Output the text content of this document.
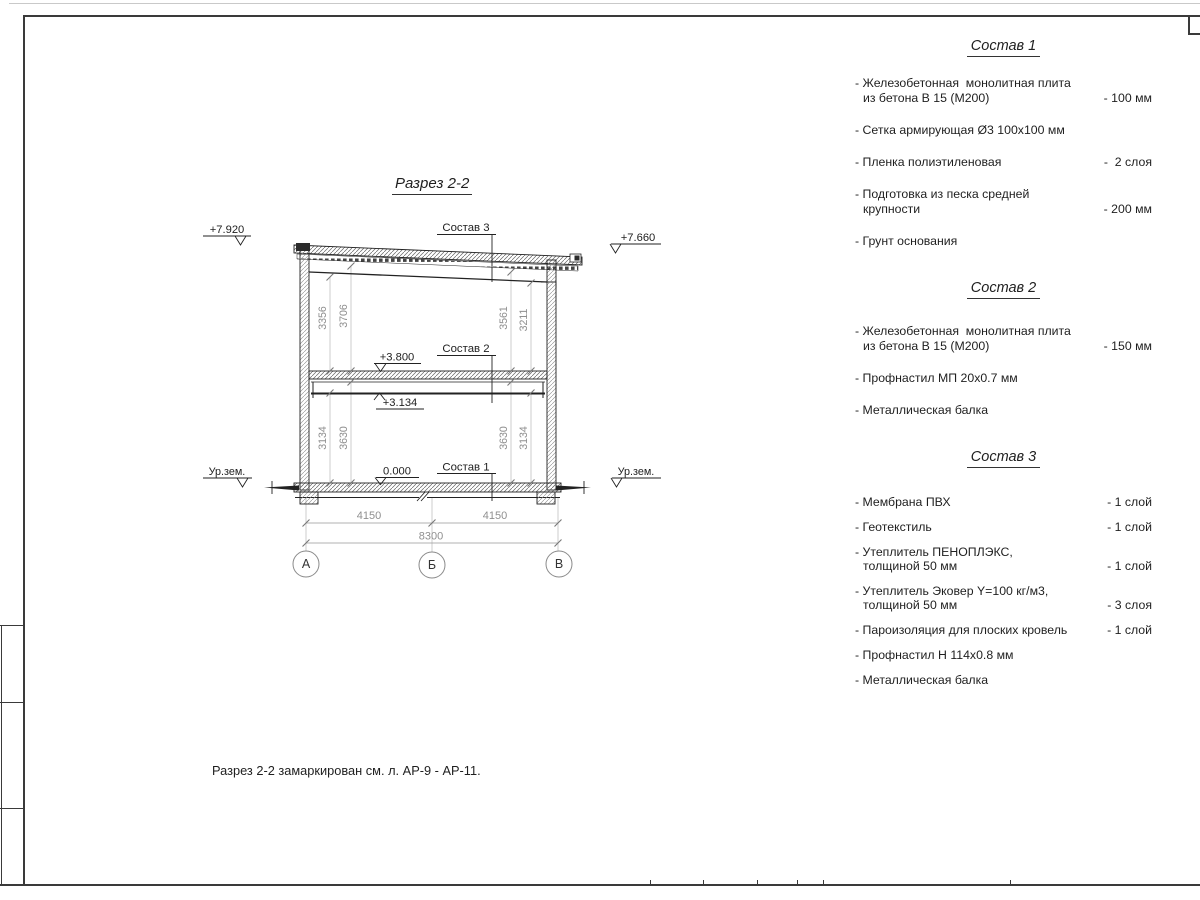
Разрез 2-2
А	Б	В
+7.920
+7.660
Состав 3
Состав 2
Состав 1
+3.800
+3.134
0.000
Ур.зем.	Ур.зем.
3356 3706	3561 3211
3134 3630	3630 3134
4150	4150
8300
Состав 1
- Железобетонная  монолитная плита
из бетона В 15 (М200)	- 100 мм
- Сетка армирующая Ø3 100х100 мм
- Пленка полиэтиленовая	-  2 слоя
- Подготовка из песка средней
крупности	- 200 мм
- Грунт основания
Состав 2
- Железобетонная  монолитная плита
из бетона В 15 (М200)	- 150 мм
- Профнастил МП 20х0.7 мм
- Металлическая балка
Состав 3
- Мембрана ПВХ	- 1 слой
- Геотекстиль	- 1 слой
- Утеплитель ПЕНОПЛЭКС,
толщиной 50 мм	- 1 слой
- Утеплитель Эковер Y=100 кг/м3,
толщиной 50 мм	- 3 слоя
- Пароизоляция для плоских кровель	- 1 слой
- Профнастил Н 114х0.8 мм
- Металлическая балка
Разрез 2-2 замаркирован см. л. АР-9 - АР-11.
